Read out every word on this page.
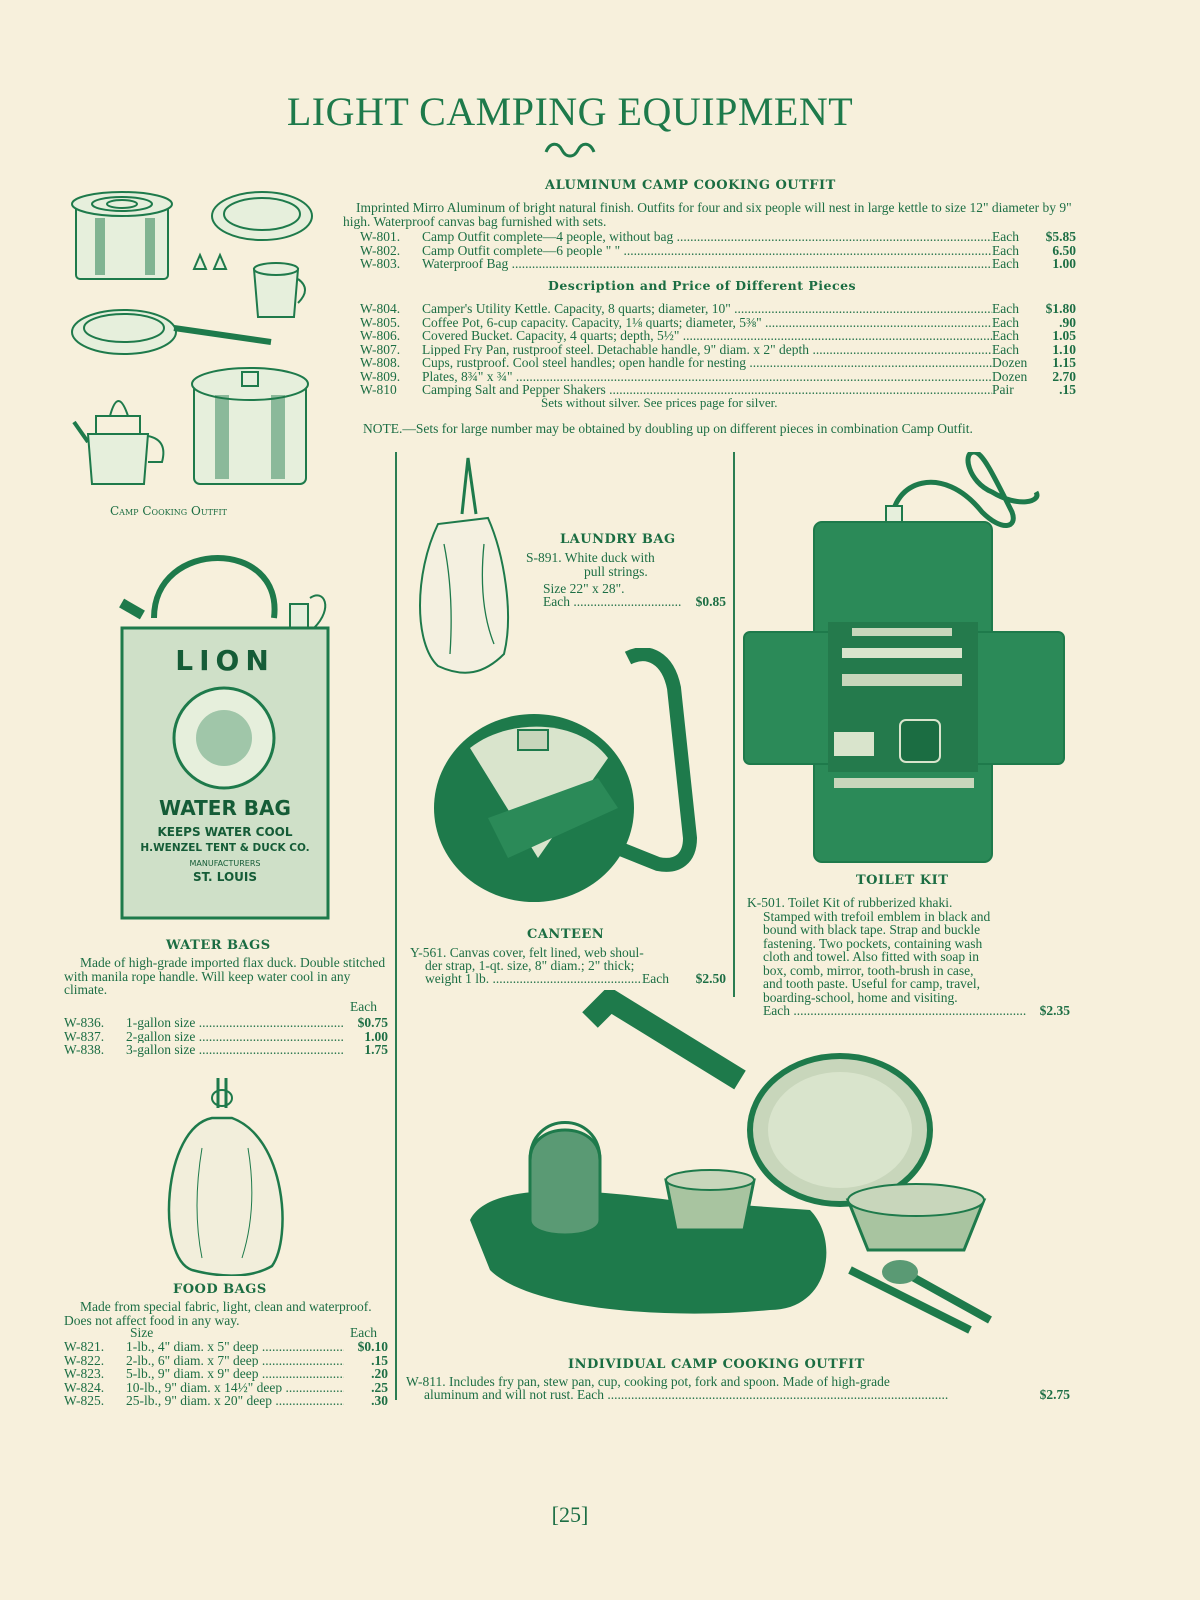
LIGHT CAMPING EQUIPMENT
ALUMINUM CAMP COOKING OUTFIT
Imprinted Mirro Aluminum of bright natural finish. Outfits for four and six people will nest in large kettle to size 12" diameter by 9" high. Waterproof canvas bag furnished with sets.
W-801.	Camp Outfit complete—4 people, without bag .....	Each	$5.85
W-802.	Camp Outfit complete—6 people " " .....	Each	6.50
W-803.	Waterproof Bag .....	Each	1.00
Description and Price of Different Pieces
W-804.	Camper's Utility Kettle. Capacity, 8 quarts; diameter, 10" .....	Each	$1.80
W-805.	Coffee Pot, 6-cup capacity. Capacity, 1⅛ quarts; diameter, 5⅜" .....	Each	.90
W-806.	Covered Bucket. Capacity, 4 quarts; depth, 5½" .....	Each	1.05
W-807.	Lipped Fry Pan, rustproof steel. Detachable handle, 9" diam. x 2" depth .....	Each	1.10
W-808.	Cups, rustproof. Cool steel handles; open handle for nesting .....	Dozen	1.15
W-809.	Plates, 8¾" x ¾" .....	Dozen	2.70
W-810	Camping Salt and Pepper Shakers .....	Pair	.15
Sets without silver. See prices page for silver.
NOTE.—Sets for large number may be obtained by doubling up on different pieces in combination Camp Outfit.
Camp Cooking Outfit
LION
WATER BAG
KEEPS WATER COOL
H.WENZEL TENT & DUCK CO.
MANUFACTURERS
ST. LOUIS
WATER BAGS
Made of high-grade imported flax duck. Double stitched with manila rope handle. Will keep water cool in any climate.
Each
W-836.	1-gallon size .....	$0.75
W-837.	2-gallon size .....	1.00
W-838.	3-gallon size .....	1.75
FOOD BAGS
Made from special fabric, light, clean and waterproof. Does not affect food in any way.
Size	Each
W-821.	1-lb., 4" diam. x 5" deep .....	$0.10
W-822.	2-lb., 6" diam. x 7" deep .....	.15
W-823.	5-lb., 9" diam. x 9" deep .....	.20
W-824.	10-lb., 9" diam. x 14½" deep .....	.25
W-825.	25-lb., 9" diam. x 20" deep .....	.30
LAUNDRY BAG
S-891. White duck with
pull strings.
Size 22" x 28".
Each .....	$0.85
CANTEEN
Y-561. Canvas cover, felt lined, web shoul-
der strap, 1-qt. size, 8" diam.; 2" thick;
weight 1 lb. .....	Each	$2.50
TOILET KIT
K-501. Toilet Kit of rubberized khaki.
Stamped with trefoil emblem in black and
bound with black tape. Strap and buckle
fastening. Two pockets, containing wash
cloth and towel. Also fitted with soap in
box, comb, mirror, tooth-brush in case,
and tooth paste. Useful for camp, travel,
boarding-school, home and visiting.
Each .....	$2.35
INDIVIDUAL CAMP COOKING OUTFIT
W-811. Includes fry pan, stew pan, cup, cooking pot, fork and spoon. Made of high-grade
aluminum and will not rust. Each .....	$2.75
[25]
